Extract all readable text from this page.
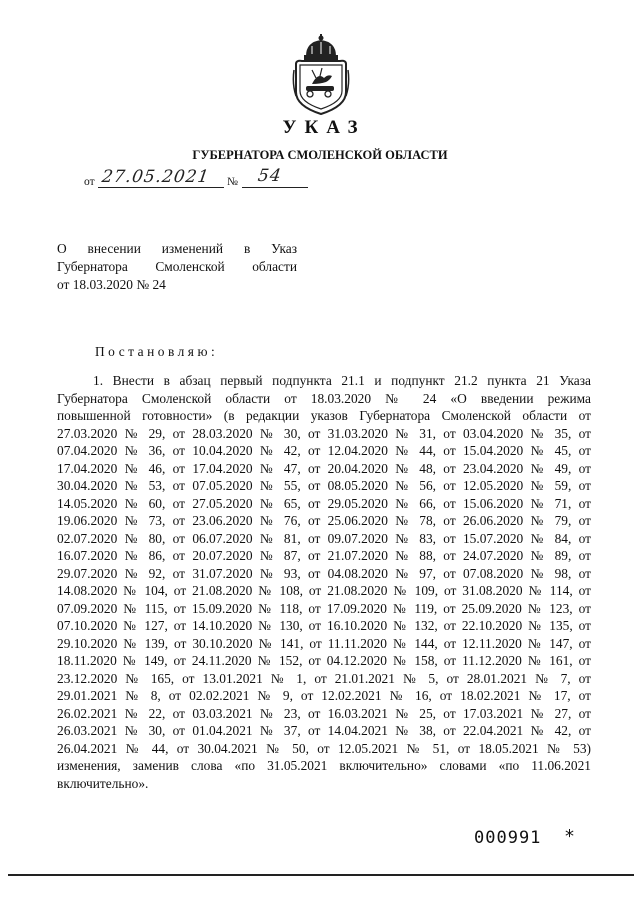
УКАЗ
ГУБЕРНАТОРА СМОЛЕНСКОЙ ОБЛАСТИ
от 27.05.2021 № 54
О внесении изменений в Указ
Губернатора Смоленской области
от 18.03.2020 № 24
Постановляю:
1. Внести в абзац первый подпункта 21.1 и подпункт 21.2 пункта 21 Указа
Губернатора Смоленской области от 18.03.2020 № 24 «О введении режима
повышенной готовности» (в редакции указов Губернатора Смоленской области от
27.03.2020 № 29, от 28.03.2020 № 30, от 31.03.2020 № 31, от 03.04.2020 № 35, от
07.04.2020 № 36, от 10.04.2020 № 42, от 12.04.2020 № 44, от 15.04.2020 № 45, от
17.04.2020 № 46, от 17.04.2020 № 47, от 20.04.2020 № 48, от 23.04.2020 № 49, от
30.04.2020 № 53, от 07.05.2020 № 55, от 08.05.2020 № 56, от 12.05.2020 № 59, от
14.05.2020 № 60, от 27.05.2020 № 65, от 29.05.2020 № 66, от 15.06.2020 № 71, от
19.06.2020 № 73, от 23.06.2020 № 76, от 25.06.2020 № 78, от 26.06.2020 № 79, от
02.07.2020 № 80, от 06.07.2020 № 81, от 09.07.2020 № 83, от 15.07.2020 № 84, от
16.07.2020 № 86, от 20.07.2020 № 87, от 21.07.2020 № 88, от 24.07.2020 № 89, от
29.07.2020 № 92, от 31.07.2020 № 93, от 04.08.2020 № 97, от 07.08.2020 № 98, от
14.08.2020 № 104, от 21.08.2020 № 108, от 21.08.2020 № 109, от 31.08.2020 № 114, от
07.09.2020 № 115, от 15.09.2020 № 118, от 17.09.2020 № 119, от 25.09.2020 № 123, от
07.10.2020 № 127, от 14.10.2020 № 130, от 16.10.2020 № 132, от 22.10.2020 № 135, от
29.10.2020 № 139, от 30.10.2020 № 141, от 11.11.2020 № 144, от 12.11.2020 № 147, от
18.11.2020 № 149, от 24.11.2020 № 152, от 04.12.2020 № 158, от 11.12.2020 № 161, от
23.12.2020 № 165, от 13.01.2021 № 1, от 21.01.2021 № 5, от 28.01.2021 № 7, от
29.01.2021 № 8, от 02.02.2021 № 9, от 12.02.2021 № 16, от 18.02.2021 № 17, от
26.02.2021 № 22, от 03.03.2021 № 23, от 16.03.2021 № 25, от 17.03.2021 № 27, от
26.03.2021 № 30, от 01.04.2021 № 37, от 14.04.2021 № 38, от 22.04.2021 № 42, от
26.04.2021 № 44, от 30.04.2021 № 50, от 12.05.2021 № 51, от 18.05.2021 № 53)
изменения, заменив слова «по 31.05.2021 включительно» словами «по 11.06.2021
включительно».
000991 *
